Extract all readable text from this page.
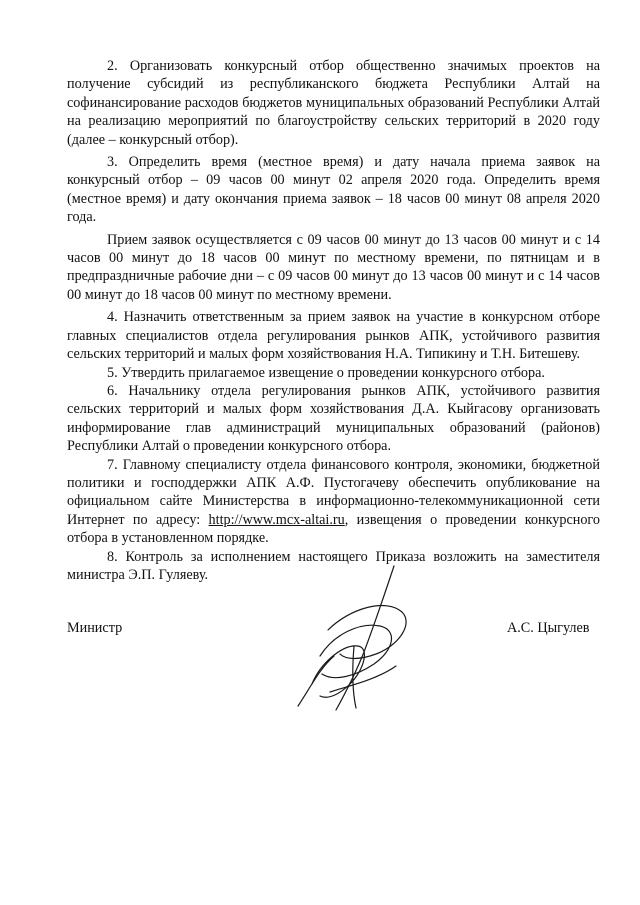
2. Организовать конкурсный отбор общественно значимых проектов на получение субсидий из республиканского бюджета Республики Алтай на софинансирование расходов бюджетов муниципальных образований Республики Алтай на реализацию мероприятий по благоустройству сельских территорий в 2020 году (далее – конкурсный отбор).

3. Определить время (местное время) и дату начала приема заявок на конкурсный отбор – 09 часов 00 минут 02 апреля 2020 года. Определить время (местное время) и дату окончания приема заявок – 18 часов 00 минут 08 апреля 2020 года.

Прием заявок осуществляется с 09 часов 00 минут до 13 часов 00 минут и с 14 часов 00 минут до 18 часов 00 минут по местному времени, по пятницам и в предпраздничные рабочие дни – с 09 часов 00 минут до 13 часов 00 минут и с 14 часов 00 минут до 18 часов 00 минут по местному времени.

4. Назначить ответственным за прием заявок на участие в конкурсном отборе главных специалистов отдела регулирования рынков АПК, устойчивого развития сельских территорий и малых форм хозяйствования Н.А. Типикину и Т.Н. Битешеву.

5. Утвердить прилагаемое извещение о проведении конкурсного отбора.

6. Начальнику отдела регулирования рынков АПК, устойчивого развития сельских территорий и малых форм хозяйствования Д.А. Кыйгасову организовать информирование глав администраций муниципальных образований (районов) Республики Алтай о проведении конкурсного отбора.

7. Главному специалисту отдела финансового контроля, экономики, бюджетной политики и господдержки АПК А.Ф. Пустогачеву обеспечить опубликование на официальном сайте Министерства в информационно-телекоммуникационной сети Интернет по адресу: http://www.mcx-altai.ru, извещения о проведении конкурсного отбора в установленном порядке.

8. Контроль за исполнением настоящего Приказа возложить на заместителя министра Э.П. Гуляеву.

Министр	А.С. Цыгулев
